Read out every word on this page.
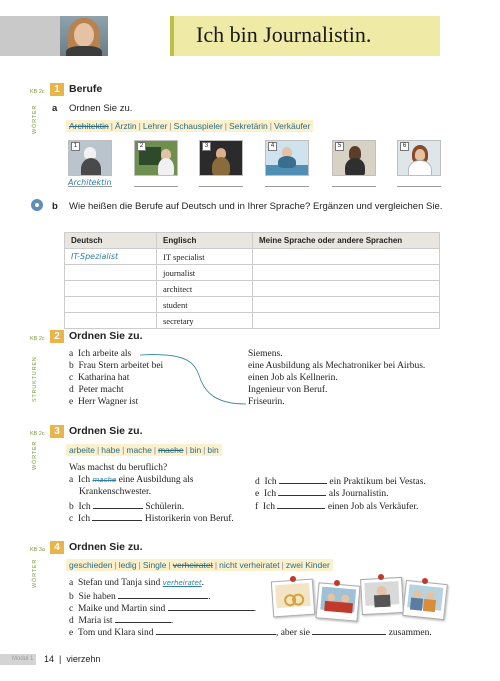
Ich bin Journalistin.
KB 2c 1 Berufe
WÖRTER a Ordnen Sie zu.
Architektin | Ärztin | Lehrer | Schauspieler | Sekretärin | Verkäufer
1
Architektin
2	3	4	5	6
b Wie heißen die Berufe auf Deutsch und in Ihrer Sprache? Ergänzen und vergleichen Sie.
Deutsch	Englisch	Meine Sprache oder andere Sprachen
IT-Spezialist	IT specialist	
	journalist	
	architect	
	student	
	secretary	
KB 2c 2 Ordnen Sie zu.
STRUKTUREN
a Ich arbeite als
b Frau Stern arbeitet bei
c Katharina hat
d Peter macht
e Herr Wagner ist
Siemens.
eine Ausbildung als Mechatroniker bei Airbus.
einen Job als Kellnerin.
Ingenieur von Beruf.
Friseurin.
KB 2c 3 Ordnen Sie zu.
WÖRTER	arbeite | habe | mache | mache | bin | bin
Was machst du beruflich?
a Ich mache eine Ausbildung als
Krankenschwester.
b Ich	Schülerin.
c Ich	Historikerin von Beruf.
d Ich	ein Praktikum bei Vestas.
e Ich	als Journalistin.
f Ich	einen Job als Verkäufer.
KB 3a 4 Ordnen Sie zu.
WÖRTER	geschieden | ledig | Single | verheiratet | nicht verheiratet | zwei Kinder
a Stefan und Tanja sind verheiratet.
b Sie haben	.
c Maike und Martin sind	.
d Maria ist	.
e Tom und Klara sind	, aber sie	zusammen.
Modul 1 14 | vierzehn
